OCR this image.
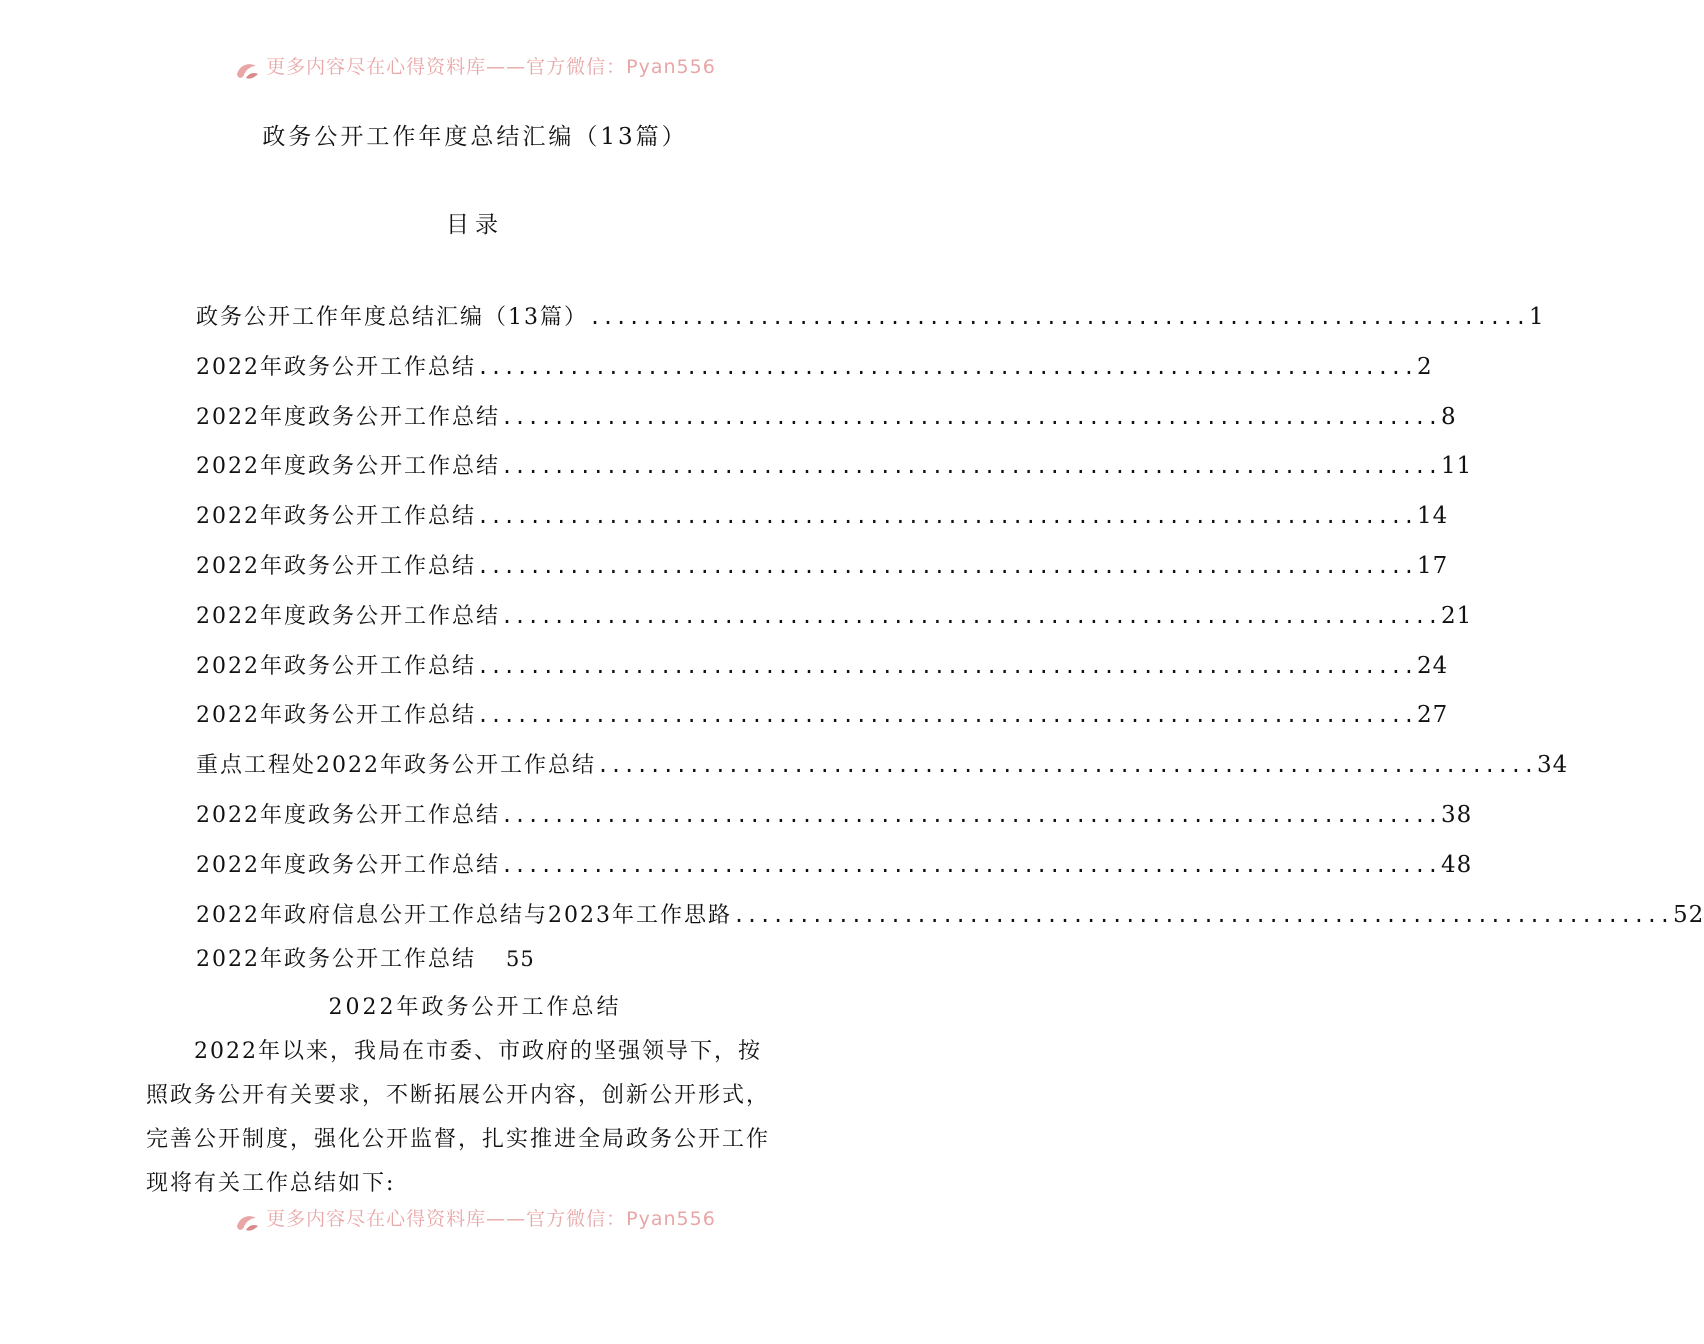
更多内容尽在心得资料库——官方微信：Pyan556
政务公开工作年度总结汇编（13篇）
目录
政务公开工作年度总结汇编（13篇） ........................................................................ 1
2022年政务公开工作总结 ........................................................................ 2
2022年度政务公开工作总结 ........................................................................ 8
2022年度政务公开工作总结 ........................................................................ 11
2022年政务公开工作总结 ........................................................................ 14
2022年政务公开工作总结 ........................................................................ 17
2022年度政务公开工作总结 ........................................................................ 21
2022年政务公开工作总结 ........................................................................ 24
2022年政务公开工作总结 ........................................................................ 27
重点工程处2022年政务公开工作总结 ........................................................................ 34
2022年度政务公开工作总结 ........................................................................ 38
2022年度政务公开工作总结 ........................................................................ 48
2022年政府信息公开工作总结与2023年工作思路 ........................................................................ 52
2022年政务公开工作总结 55
2022年政务公开工作总结

　　2022年以来，我局在市委、市政府的坚强领导下，按

照政务公开有关要求，不断拓展公开内容，创新公开形式，

完善公开制度，强化公开监督，扎实推进全局政务公开工作

现将有关工作总结如下:

更多内容尽在心得资料库——官方微信：Pyan556
